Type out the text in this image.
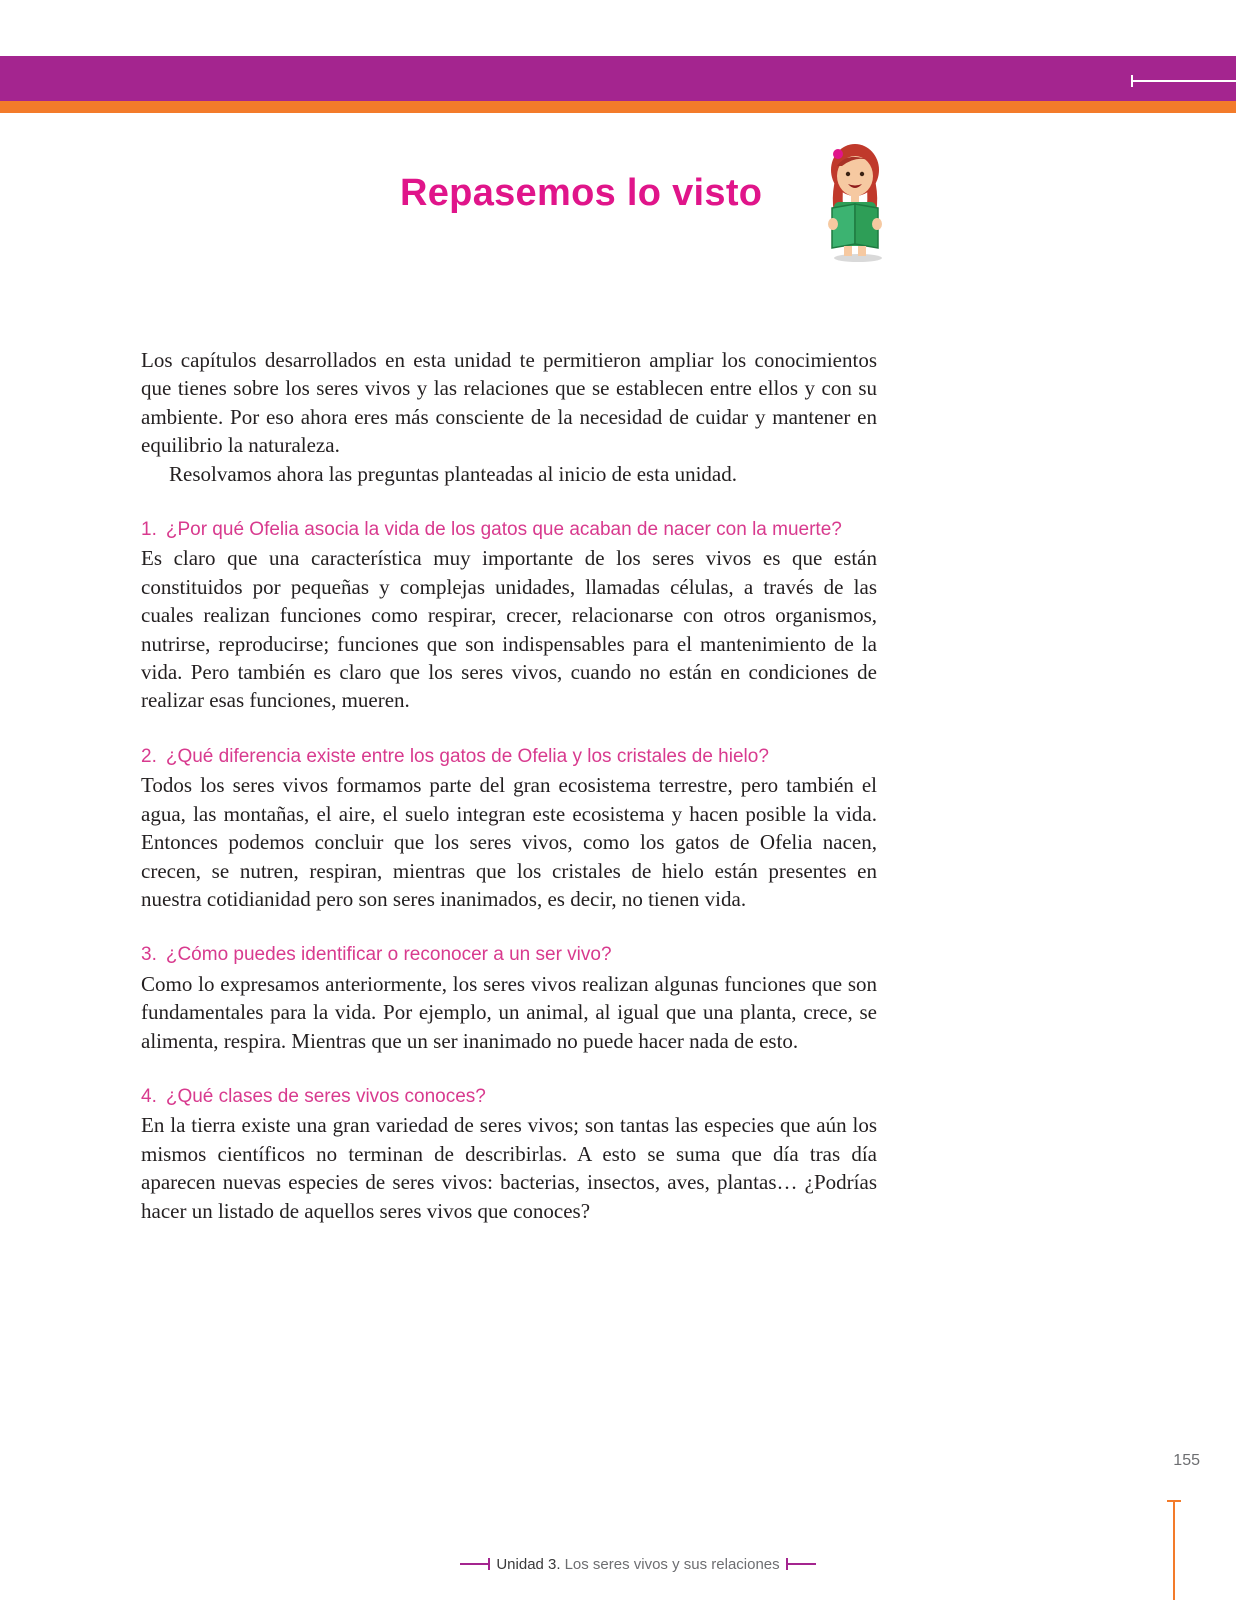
Repasemos lo visto

Los capítulos desarrollados en esta unidad te permitieron ampliar los conocimientos que tienes sobre los seres vivos y las relaciones que se establecen entre ellos y con su ambiente. Por eso ahora eres más consciente de la necesidad de cuidar y mantener en equilibrio la naturaleza.

Resolvamos ahora las preguntas planteadas al inicio de esta unidad.

1. ¿Por qué Ofelia asocia la vida de los gatos que acaban de nacer con la muerte?

Es claro que una característica muy importante de los seres vivos es que están constituidos por pequeñas y complejas unidades, llamadas células, a través de las cuales realizan funciones como respirar, crecer, relacionarse con otros organismos, nutrirse, reproducirse; funciones que son indispensables para el mantenimiento de la vida. Pero también es claro que los seres vivos, cuando no están en condiciones de realizar esas funciones, mueren.

2. ¿Qué diferencia existe entre los gatos de Ofelia y los cristales de hielo?

Todos los seres vivos formamos parte del gran ecosistema terrestre, pero también el agua, las montañas, el aire, el suelo integran este ecosistema y hacen posible la vida. Entonces podemos concluir que los seres vivos, como los gatos de Ofelia nacen, crecen, se nutren, respiran, mientras que los cristales de hielo están presentes en nuestra cotidianidad pero son seres inanimados, es decir, no tienen vida.

3. ¿Cómo puedes identificar o reconocer a un ser vivo?

Como lo expresamos anteriormente, los seres vivos realizan algunas funciones que son fundamentales para la vida. Por ejemplo, un animal, al igual que una planta, crece, se alimenta, respira. Mientras que un ser inanimado no puede hacer nada de esto.

4. ¿Qué clases de seres vivos conoces?

En la tierra existe una gran variedad de seres vivos; son tantas las especies que aún los mismos científicos no terminan de describirlas. A esto se suma que día tras día aparecen nuevas especies de seres vivos: bacterias, insectos, aves, plantas… ¿Podrías hacer un listado de aquellos seres vivos que conoces?

155
Unidad 3. Los seres vivos y sus relaciones
